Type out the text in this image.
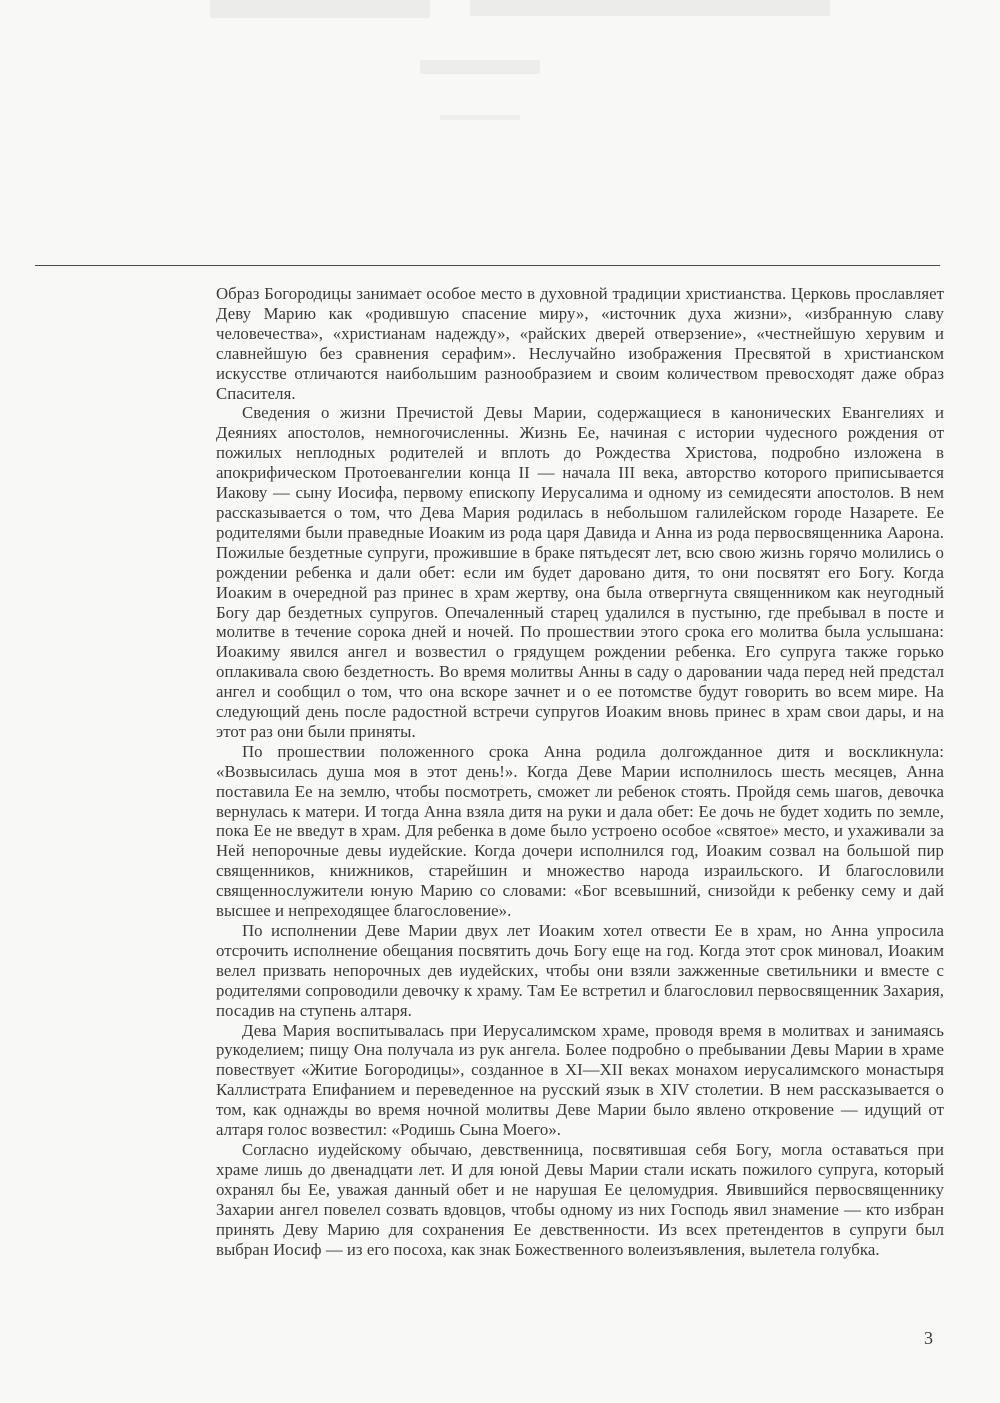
Образ Богородицы занимает особое место в духовной традиции христианства. Церковь прославляет Деву Марию как «родившую спасение миру», «источник духа жизни», «избранную славу человечества», «христианам надежду», «райских дверей отверзение», «честнейшую херувим и славнейшую без сравнения серафим». Неслучайно изображения Пресвятой в христианском искусстве отличаются наибольшим разнообразием и своим количеством превосходят даже образ Спасителя.

Сведения о жизни Пречистой Девы Марии, содержащиеся в канонических Евангелиях и Деяниях апостолов, немногочисленны. Жизнь Ее, начиная с истории чудесного рождения от пожилых неплодных родителей и вплоть до Рождества Христова, подробно изложена в апокрифическом Протоевангелии конца II — начала III века, авторство которого приписывается Иакову — сыну Иосифа, первому епископу Иерусалима и одному из семидесяти апостолов. В нем рассказывается о том, что Дева Мария родилась в небольшом галилейском городе Назарете. Ее родителями были праведные Иоаким из рода царя Давида и Анна из рода первосвященника Аарона. Пожилые бездетные супруги, прожившие в браке пятьдесят лет, всю свою жизнь горячо молились о рождении ребенка и дали обет: если им будет даровано дитя, то они посвятят его Богу. Когда Иоаким в очередной раз принес в храм жертву, она была отвергнута священником как неугодный Богу дар бездетных супругов. Опечаленный старец удалился в пустыню, где пребывал в посте и молитве в течение сорока дней и ночей. По прошествии этого срока его молитва была услышана: Иоакиму явился ангел и возвестил о грядущем рождении ребенка. Его супруга также горько оплакивала свою бездетность. Во время молитвы Анны в саду о даровании чада перед ней предстал ангел и сообщил о том, что она вскоре зачнет и о ее потомстве будут говорить во всем мире. На следующий день после радостной встречи супругов Иоаким вновь принес в храм свои дары, и на этот раз они были приняты.

По прошествии положенного срока Анна родила долгожданное дитя и воскликнула: «Возвысилась душа моя в этот день!». Когда Деве Марии исполнилось шесть месяцев, Анна поставила Ее на землю, чтобы посмотреть, сможет ли ребенок стоять. Пройдя семь шагов, девочка вернулась к матери. И тогда Анна взяла дитя на руки и дала обет: Ее дочь не будет ходить по земле, пока Ее не введут в храм. Для ребенка в доме было устроено особое «святое» место, и ухаживали за Ней непорочные девы иудейские. Когда дочери исполнился год, Иоаким созвал на большой пир священников, книжников, старейшин и множество народа израильского. И благословили священнослужители юную Марию со словами: «Бог всевышний, снизойди к ребенку сему и дай высшее и непреходящее благословение».

По исполнении Деве Марии двух лет Иоаким хотел отвести Ее в храм, но Анна упросила отсрочить исполнение обещания посвятить дочь Богу еще на год. Когда этот срок миновал, Иоаким велел призвать непорочных дев иудейских, чтобы они взяли зажженные светильники и вместе с родителями сопроводили девочку к храму. Там Ее встретил и благословил первосвященник Захария, посадив на ступень алтаря.

Дева Мария воспитывалась при Иерусалимском храме, проводя время в молитвах и занимаясь рукоделием; пищу Она получала из рук ангела. Более подробно о пребывании Девы Марии в храме повествует «Житие Богородицы», созданное в XI—XII веках монахом иерусалимского монастыря Каллистрата Епифанием и переведенное на русский язык в XIV столетии. В нем рассказывается о том, как однажды во время ночной молитвы Деве Марии было явлено откровение — идущий от алтаря голос возвестил: «Родишь Сына Моего».

Согласно иудейскому обычаю, девственница, посвятившая себя Богу, могла оставаться при храме лишь до двенадцати лет. И для юной Девы Марии стали искать пожилого супруга, который охранял бы Ее, уважая данный обет и не нарушая Ее целомудрия. Явившийся первосвященнику Захарии ангел повелел созвать вдовцов, чтобы одному из них Господь явил знамение — кто избран принять Деву Марию для сохранения Ее девственности. Из всех претендентов в супруги был выбран Иосиф — из его посоха, как знак Божественного волеизъявления, вылетела голубка.

3
